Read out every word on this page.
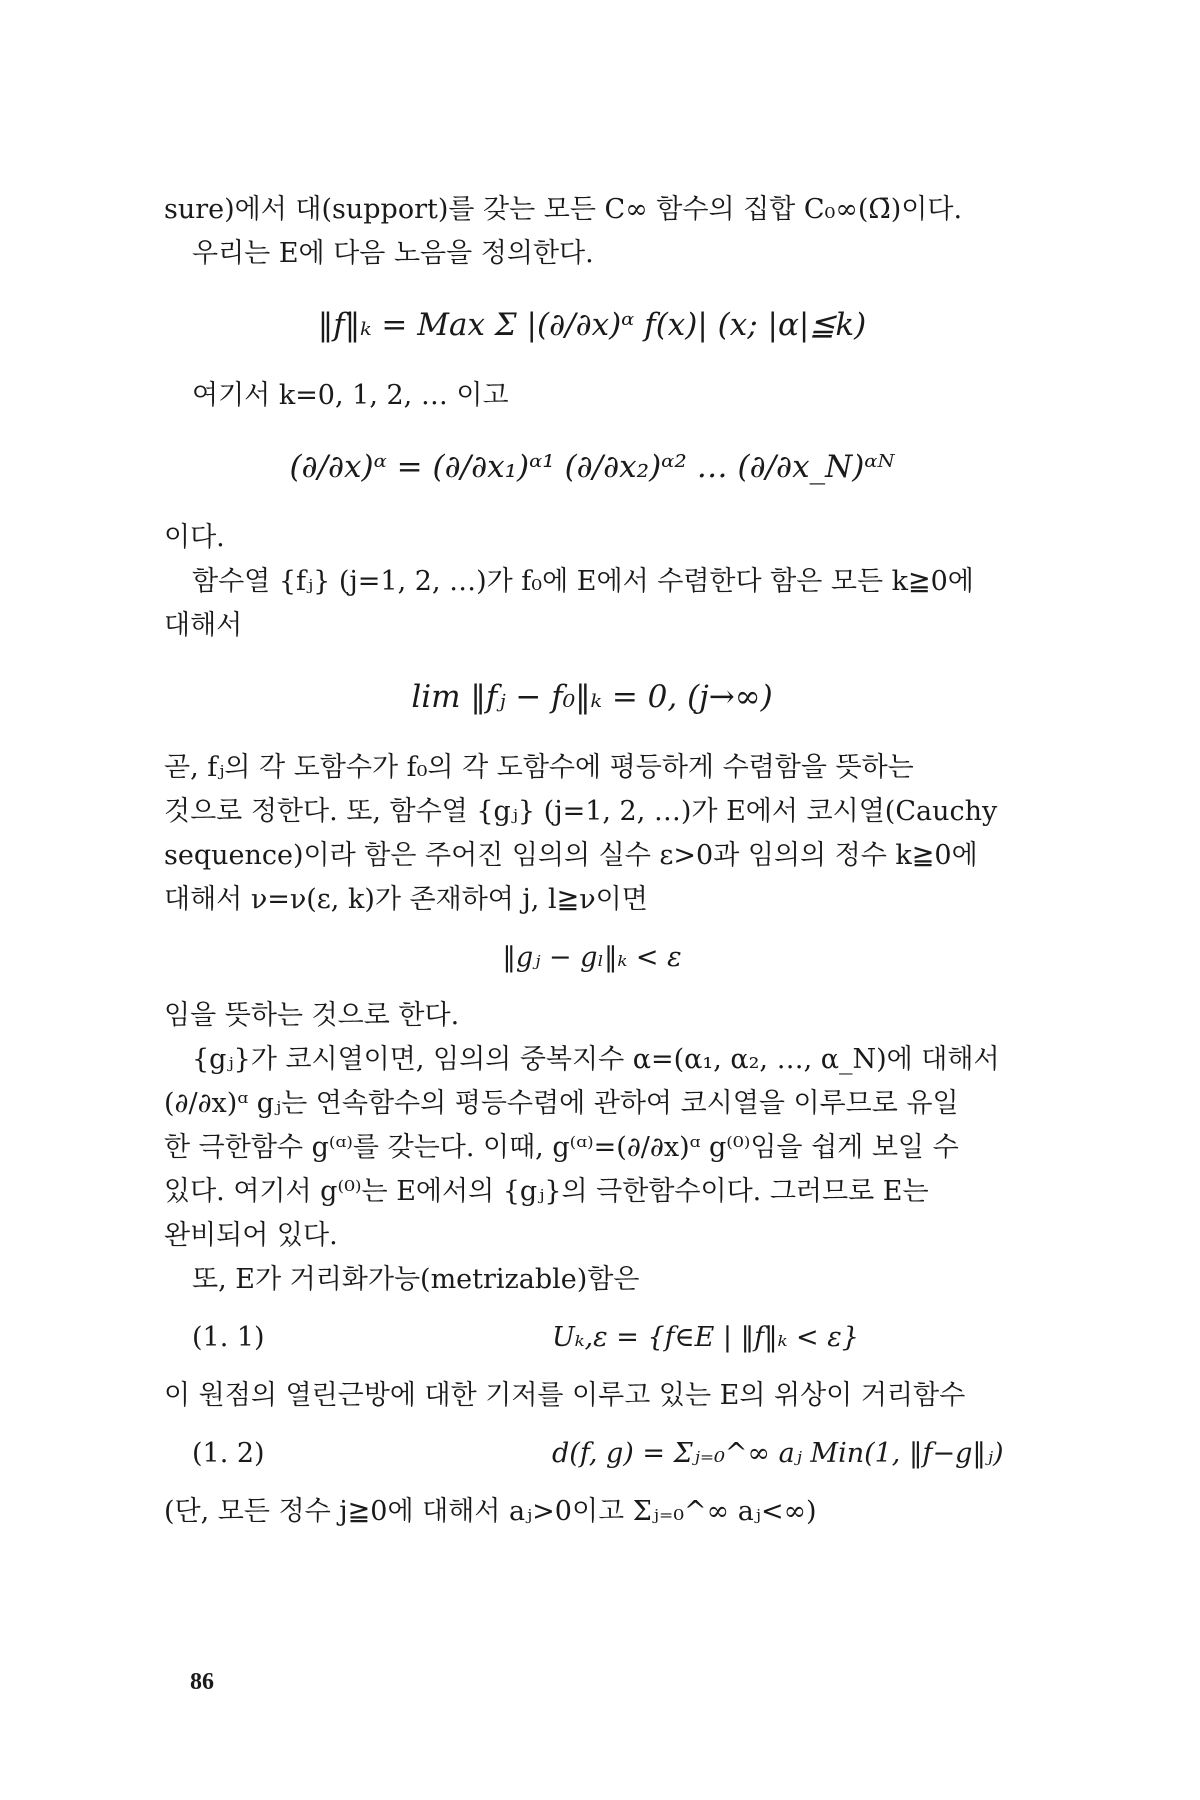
sure)에서 대(support)를 갖는 모든 C∞ 함수의 집합 C₀∞(Ω̄)이다.
우리는 E에 다음 노음을 정의한다.
‖f‖ₖ = Max Σ |(∂/∂x)ᵅ f(x)| (x; |α|≦k)
여기서 k=0, 1, 2, … 이고
(∂/∂x)ᵅ = (∂/∂x₁)ᵅ¹ (∂/∂x₂)ᵅ² … (∂/∂x_N)ᵅᴺ
이다.
함수열 {fⱼ} (j=1, 2, …)가 f₀에 E에서 수렴한다 함은 모든 k≧0에
대해서
lim ‖fⱼ − f₀‖ₖ = 0, (j→∞)
곧, fⱼ의 각 도함수가 f₀의 각 도함수에 평등하게 수렴함을 뜻하는
것으로 정한다. 또, 함수열 {gⱼ} (j=1, 2, …)가 E에서 코시열(Cauchy
sequence)이라 함은 주어진 임의의 실수 ε>0과 임의의 정수 k≧0에
대해서 ν=ν(ε, k)가 존재하여 j, l≧ν이면
‖gⱼ − gₗ‖ₖ < ε
임을 뜻하는 것으로 한다.
{gⱼ}가 코시열이면, 임의의 중복지수 α=(α₁, α₂, …, α_N)에 대해서
(∂/∂x)ᵅ gⱼ는 연속함수의 평등수렴에 관하여 코시열을 이루므로 유일
한 극한함수 g⁽ᵅ⁾를 갖는다. 이때, g⁽ᵅ⁾=(∂/∂x)ᵅ g⁽⁰⁾임을 쉽게 보일 수
있다. 여기서 g⁽⁰⁾는 E에서의 {gⱼ}의 극한함수이다. 그러므로 E는
완비되어 있다.
또, E가 거리화가능(metrizable)함은
(1. 1)	Uₖ,ε = {f∈E | ‖f‖ₖ < ε}
이 원점의 열린근방에 대한 기저를 이루고 있는 E의 위상이 거리함수
(1. 2)	d(f, g) = Σⱼ₌₀^∞ aⱼ Min(1, ‖f−g‖ⱼ)
(단, 모든 정수 j≧0에 대해서 aⱼ>0이고 Σⱼ₌₀^∞ aⱼ<∞)
86
